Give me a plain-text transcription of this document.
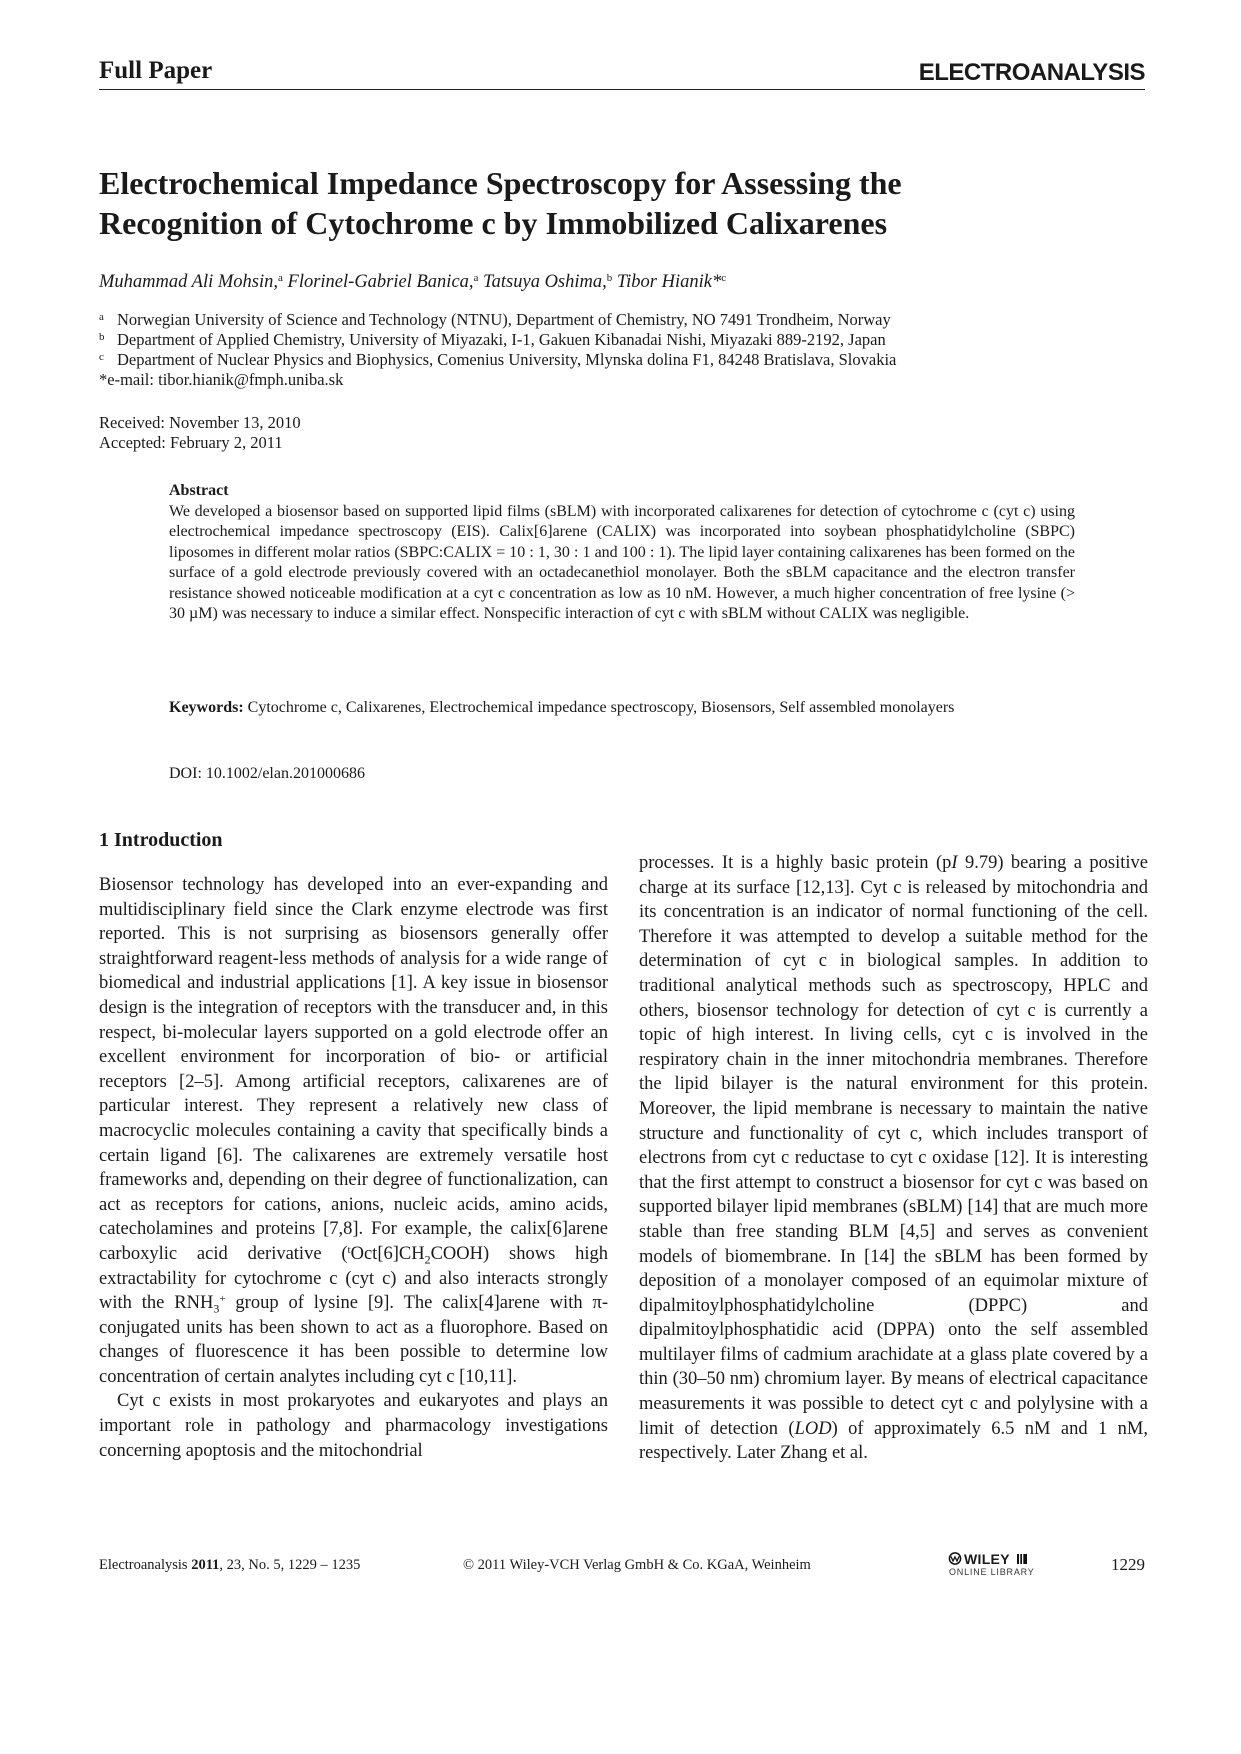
Full Paper	ELECTROANALYSIS
Electrochemical Impedance Spectroscopy for Assessing the
Recognition of Cytochrome c by Immobilized Calixarenes
Muhammad Ali Mohsin,$^a$ Florinel-Gabriel Banica,$^a$ Tatsuya Oshima,$^b$ Tibor Hianik*$^c$
a Norwegian University of Science and Technology (NTNU), Department of Chemistry, NO 7491 Trondheim, Norway
b Department of Applied Chemistry, University of Miyazaki, I-1, Gakuen Kibanadai Nishi, Miyazaki 889-2192, Japan
c Department of Nuclear Physics and Biophysics, Comenius University, Mlynska dolina F1, 84248 Bratislava, Slovakia
*e-mail: tibor.hianik@fmph.uniba.sk
Received: November 13, 2010
Accepted: February 2, 2011
Abstract
We developed a biosensor based on supported lipid films (sBLM) with incorporated calixarenes for detection of cytochrome c (cyt c) using electrochemical impedance spectroscopy (EIS). Calix[6]arene (CALIX) was incorporated into soybean phosphatidylcholine (SBPC) liposomes in different molar ratios (SBPC:CALIX = 10 : 1, 30 : 1 and 100 : 1). The lipid layer containing calixarenes has been formed on the surface of a gold electrode previously covered with an octadecanethiol monolayer. Both the sBLM capacitance and the electron transfer resistance showed noticeable modification at a cyt c concentration as low as 10 nM. However, a much higher concentration of free lysine (> 30 µM) was necessary to induce a similar effect. Nonspecific interaction of cyt c with sBLM without CALIX was negligible.
Keywords: Cytochrome c, Calixarenes, Electrochemical impedance spectroscopy, Biosensors, Self assembled monolayers
DOI: 10.1002/elan.201000686
1 Introduction

Biosensor technology has developed into an ever-expanding and multidisciplinary field since the Clark enzyme electrode was first reported. This is not surprising as biosensors generally offer straightforward reagent-less methods of analysis for a wide range of biomedical and industrial applications [1]. A key issue in biosensor design is the integration of receptors with the transducer and, in this respect, bi-molecular layers supported on a gold electrode offer an excellent environment for incorporation of bio- or artificial receptors [2–5]. Among artificial receptors, calixarenes are of particular interest. They represent a relatively new class of macrocyclic molecules containing a cavity that specifically binds a certain ligand [6]. The calixarenes are extremely versatile host frameworks and, depending on their degree of functionalization, can act as receptors for cations, anions, nucleic acids, amino acids, catecholamines and proteins [7,8]. For example, the calix[6]arene carboxylic acid derivative $(^tOct[6]CH_2COOH)$ shows high extractability for cytochrome c (cyt c) and also interacts strongly with the $RNH_3^+$ group of lysine [9]. The calix[4]arene with π-conjugated units has been shown to act as a fluorophore. Based on changes of fluorescence it has been possible to determine low concentration of certain analytes including cyt c [10,11].

Cyt c exists in most prokaryotes and eukaryotes and plays an important role in pathology and pharmacology investigations concerning apoptosis and the mitochondrial

processes. It is a highly basic protein (pI 9.79) bearing a positive charge at its surface [12,13]. Cyt c is released by mitochondria and its concentration is an indicator of normal functioning of the cell. Therefore it was attempted to develop a suitable method for the determination of cyt c in biological samples. In addition to traditional analytical methods such as spectroscopy, HPLC and others, biosensor technology for detection of cyt c is currently a topic of high interest. In living cells, cyt c is involved in the respiratory chain in the inner mitochondria membranes. Therefore the lipid bilayer is the natural environment for this protein. Moreover, the lipid membrane is necessary to maintain the native structure and functionality of cyt c, which includes transport of electrons from cyt c reductase to cyt c oxidase [12]. It is interesting that the first attempt to construct a biosensor for cyt c was based on supported bilayer lipid membranes (sBLM) [14] that are much more stable than free standing BLM [4,5] and serves as convenient models of biomembrane. In [14] the sBLM has been formed by deposition of a monolayer composed of an equimolar mixture of dipalmitoylphosphatidylcholine (DPPC) and dipalmitoylphosphatidic acid (DPPA) onto the self assembled multilayer films of cadmium arachidate at a glass plate covered by a thin (30–50 nm) chromium layer. By means of electrical capacitance measurements it was possible to detect cyt c and polylysine with a limit of detection (LOD) of approximately 6.5 nM and 1 nM, respectively. Later Zhang et al.

Electroanalysis 2011, 23, No. 5, 1229 – 1235	© 2011 Wiley-VCH Verlag GmbH & Co. KGaA, Weinheim	WILEY
ONLINE LIBRARY	1229
